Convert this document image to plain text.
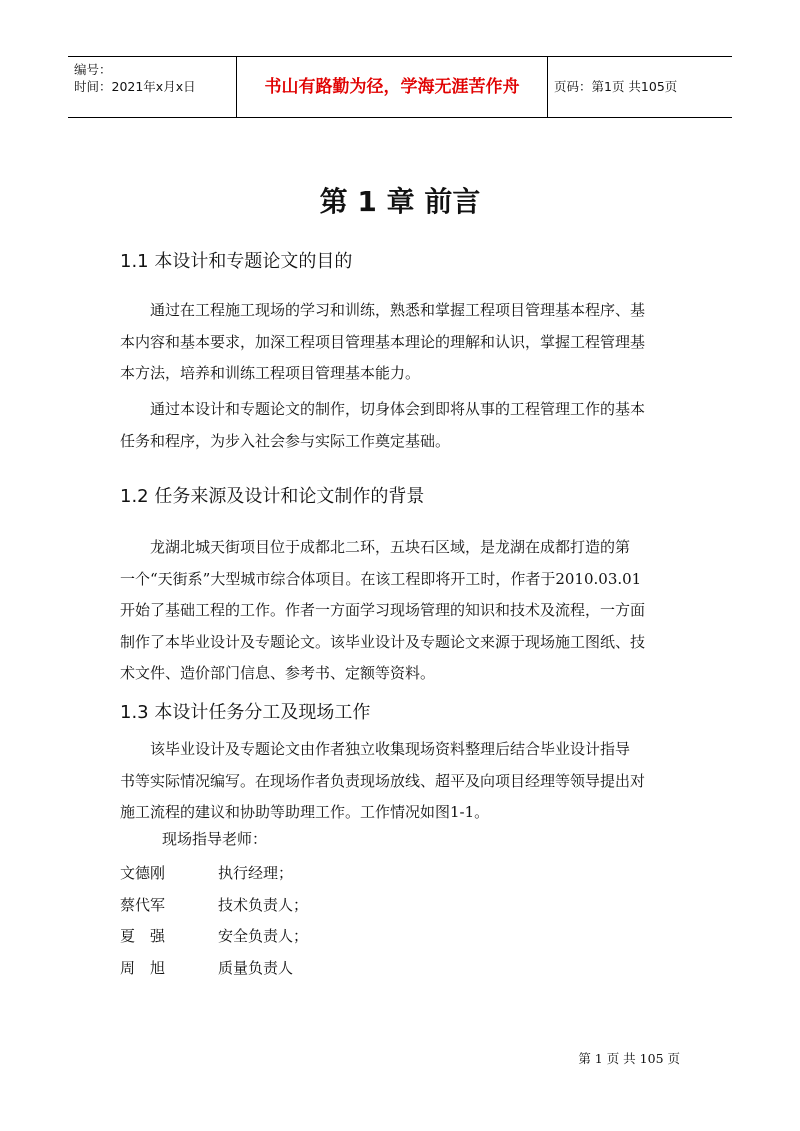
编号：
时间：2021年x月x日	书山有路勤为径，学海无涯苦作舟	页码：第1页 共105页
第 1 章 前言
1.1 本设计和专题论文的目的
　　通过在工程施工现场的学习和训练，熟悉和掌握工程项目管理基本程序、基
本内容和基本要求，加深工程项目管理基本理论的理解和认识，掌握工程管理基
本方法，培养和训练工程项目管理基本能力。
　　通过本设计和专题论文的制作，切身体会到即将从事的工程管理工作的基本
任务和程序，为步入社会参与实际工作奠定基础。
1.2 任务来源及设计和论文制作的背景
　　龙湖北城天街项目位于成都北二环，五块石区域，是龙湖在成都打造的第
一个“天街系”大型城市综合体项目。在该工程即将开工时，作者于2010.03.01
开始了基础工程的工作。作者一方面学习现场管理的知识和技术及流程，一方面
制作了本毕业设计及专题论文。该毕业设计及专题论文来源于现场施工图纸、技
术文件、造价部门信息、参考书、定额等资料。
1.3 本设计任务分工及现场工作
　　该毕业设计及专题论文由作者独立收集现场资料整理后结合毕业设计指导
书等实际情况编写。在现场作者负责现场放线、超平及向项目经理等领导提出对
施工流程的建议和协助等助理工作。工作情况如图1-1。
现场指导老师：
文德刚	执行经理；
蔡代军	技术负责人；
夏　强	安全负责人；
周　旭	质量负责人
第 1 页 共 105 页
